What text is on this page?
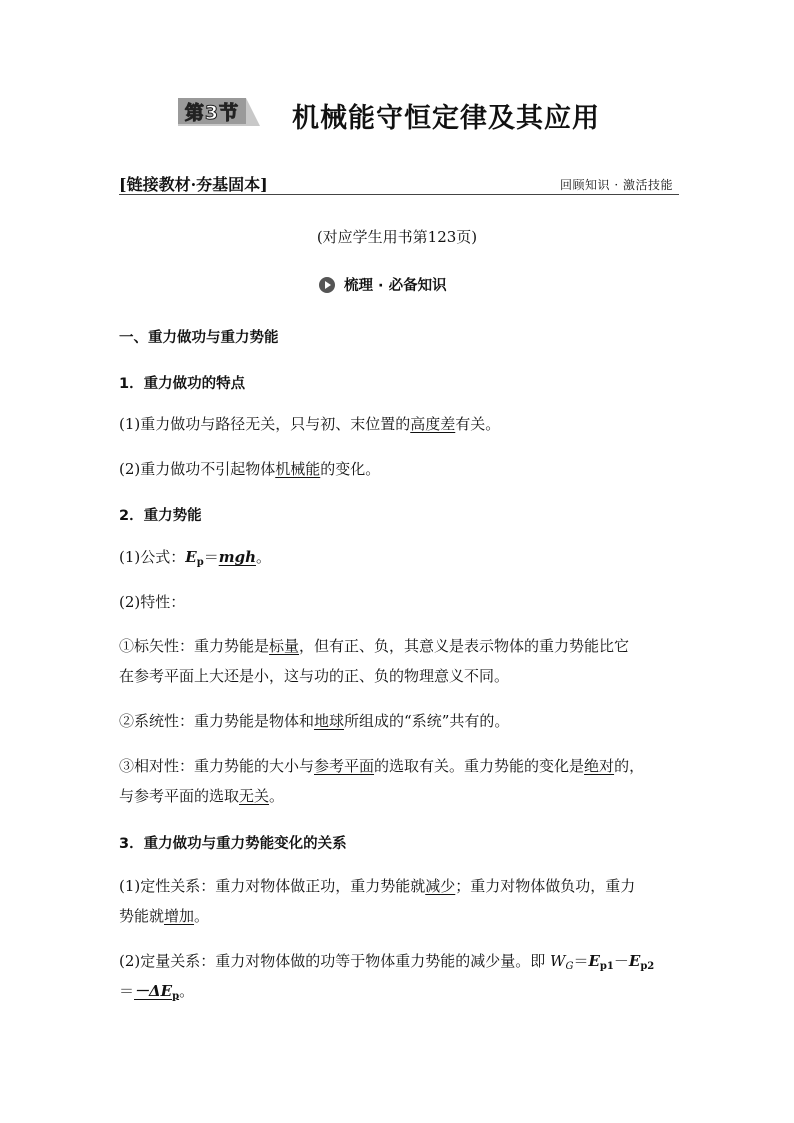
第3节 机械能守恒定律及其应用
[链接教材·夯基固本]	回顾知识 · 激活技能
(对应学生用书第123页)
梳理 · 必备知识
一、重力做功与重力势能
1．重力做功的特点
(1)重力做功与路径无关，只与初、末位置的高度差有关。
(2)重力做功不引起物体机械能的变化。
2．重力势能
(1)公式：$E_p=mgh$。
(2)特性：
①标矢性：重力势能是标量，但有正、负，其意义是表示物体的重力势能比它
在参考平面上大还是小，这与功的正、负的物理意义不同。
②系统性：重力势能是物体和地球所组成的“系统”共有的。
③相对性：重力势能的大小与参考平面的选取有关。重力势能的变化是绝对的，
与参考平面的选取无关。
3．重力做功与重力势能变化的关系
(1)定性关系：重力对物体做正功，重力势能就减少；重力对物体做负功，重力
势能就增加。
(2)定量关系：重力对物体做的功等于物体重力势能的减少量。即 $W_G=E_{p1}-E_{p2}$
$=-\Delta E_p$。
